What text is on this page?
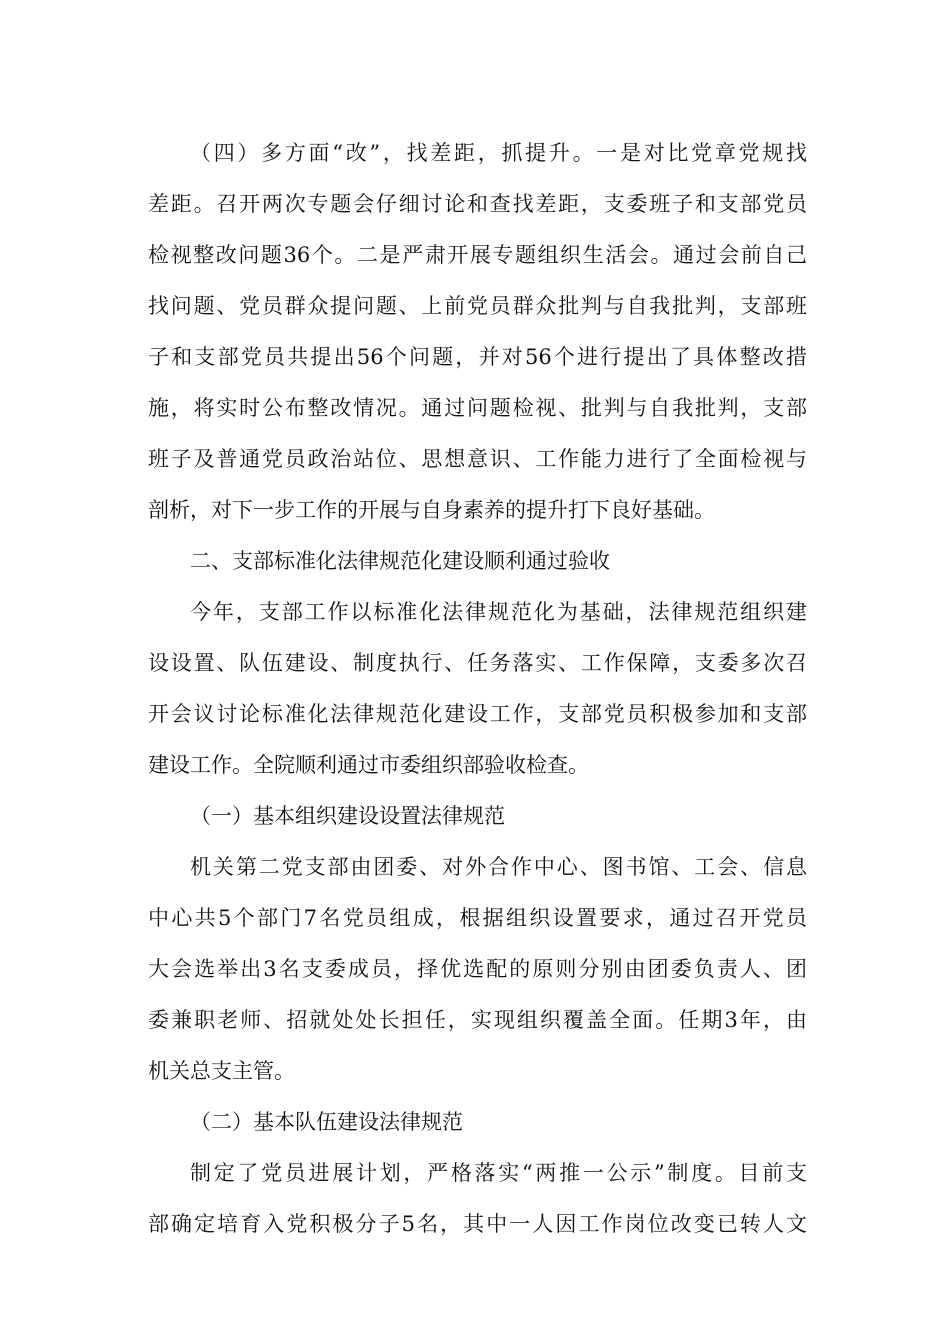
（四）多方面“改”，找差距，抓提升。一是对比党章党规找
差距。召开两次专题会仔细讨论和查找差距，支委班子和支部党员
检视整改问题36个。二是严肃开展专题组织生活会。通过会前自己
找问题、党员群众提问题、上前党员群众批判与自我批判，支部班
子和支部党员共提出56个问题，并对56个进行提出了具体整改措
施，将实时公布整改情况。通过问题检视、批判与自我批判，支部
班子及普通党员政治站位、思想意识、工作能力进行了全面检视与
剖析，对下一步工作的开展与自身素养的提升打下良好基础。
二、支部标准化法律规范化建设顺利通过验收
今年，支部工作以标准化法律规范化为基础，法律规范组织建
设设置、队伍建设、制度执行、任务落实、工作保障，支委多次召
开会议讨论标准化法律规范化建设工作，支部党员积极参加和支部
建设工作。全院顺利通过市委组织部验收检查。
（一）基本组织建设设置法律规范
机关第二党支部由团委、对外合作中心、图书馆、工会、信息
中心共5个部门7名党员组成，根据组织设置要求，通过召开党员
大会选举出3名支委成员，择优选配的原则分别由团委负责人、团
委兼职老师、招就处处长担任，实现组织覆盖全面。任期3年，由
机关总支主管。
（二）基本队伍建设法律规范
制定了党员进展计划，严格落实“两推一公示”制度。目前支
部确定培育入党积极分子5名，其中一人因工作岗位改变已转人文
